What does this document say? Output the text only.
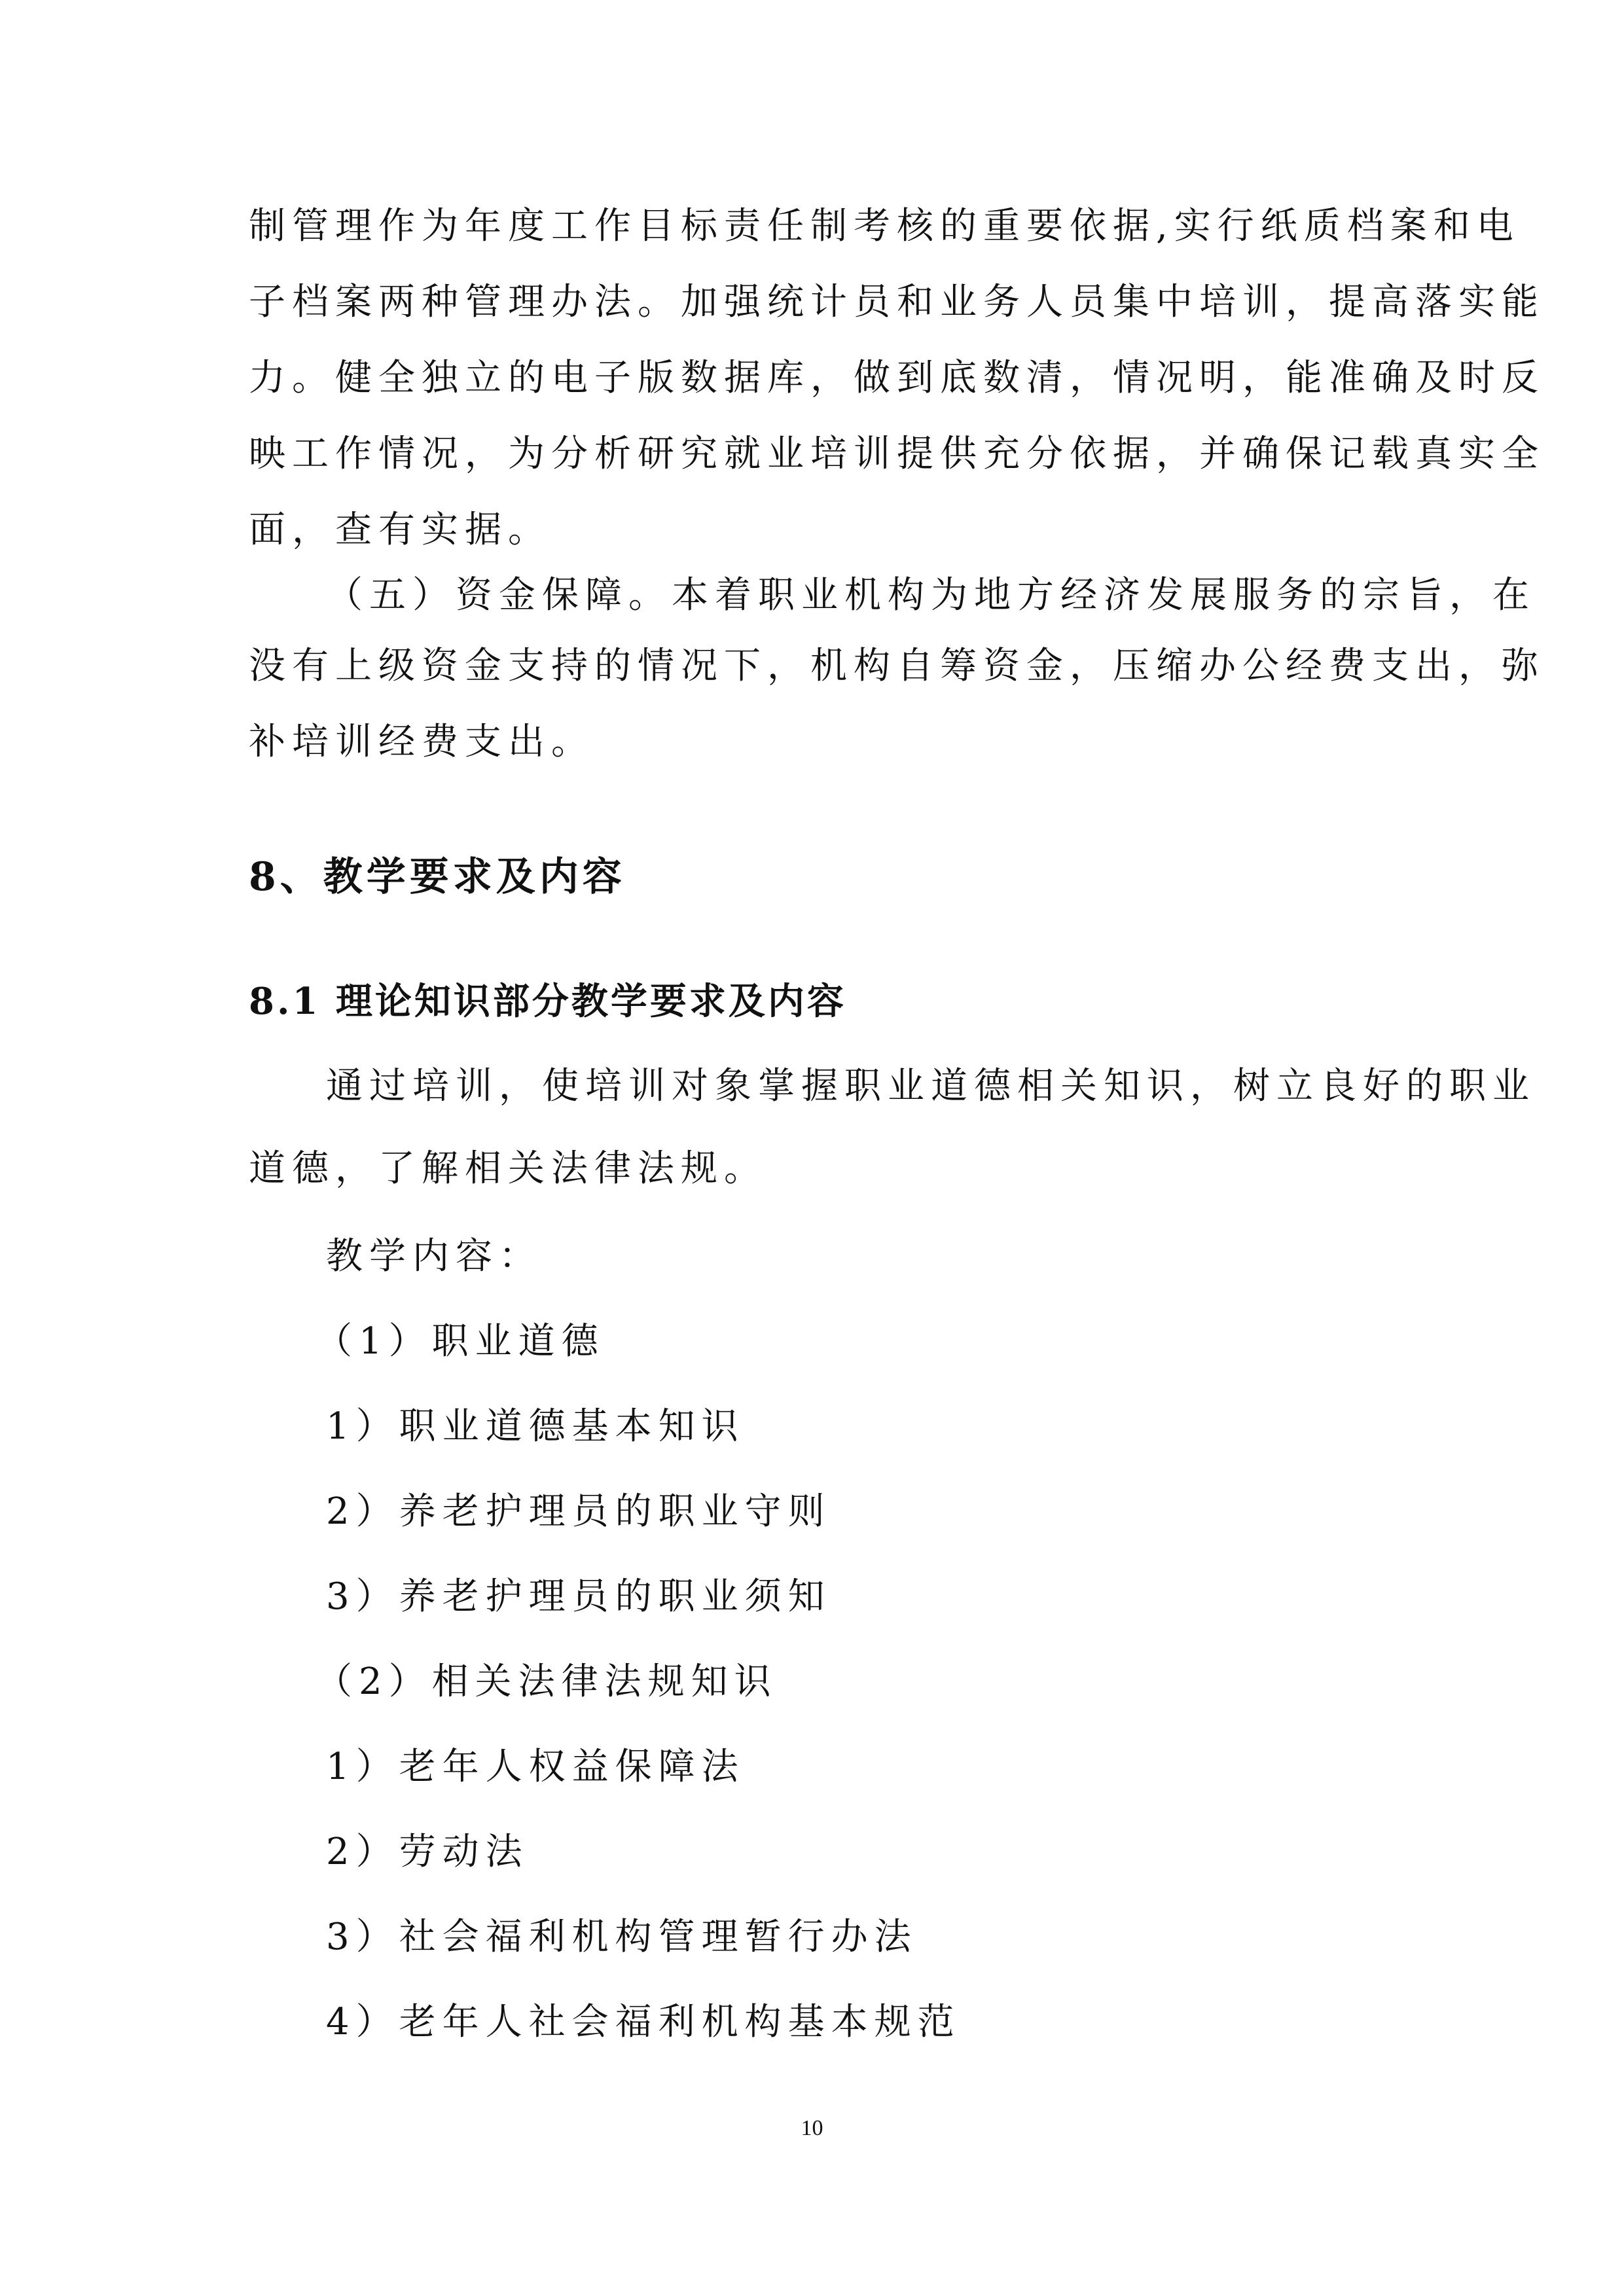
制管理作为年度工作目标责任制考核的重要依据,实行纸质档案和电
子档案两种管理办法。加强统计员和业务人员集中培训，提高落实能
力。健全独立的电子版数据库，做到底数清，情况明，能准确及时反
映工作情况，为分析研究就业培训提供充分依据，并确保记载真实全
面，查有实据。
（五）资金保障。本着职业机构为地方经济发展服务的宗旨，在
没有上级资金支持的情况下，机构自筹资金，压缩办公经费支出，弥
补培训经费支出。
8、教学要求及内容
8.1 理论知识部分教学要求及内容
通过培训，使培训对象掌握职业道德相关知识，树立良好的职业
道德，了解相关法律法规。
教学内容：
（1）职业道德
1）职业道德基本知识
2）养老护理员的职业守则
3）养老护理员的职业须知
（2）相关法律法规知识
1）老年人权益保障法
2）劳动法
3）社会福利机构管理暂行办法
4）老年人社会福利机构基本规范
10
